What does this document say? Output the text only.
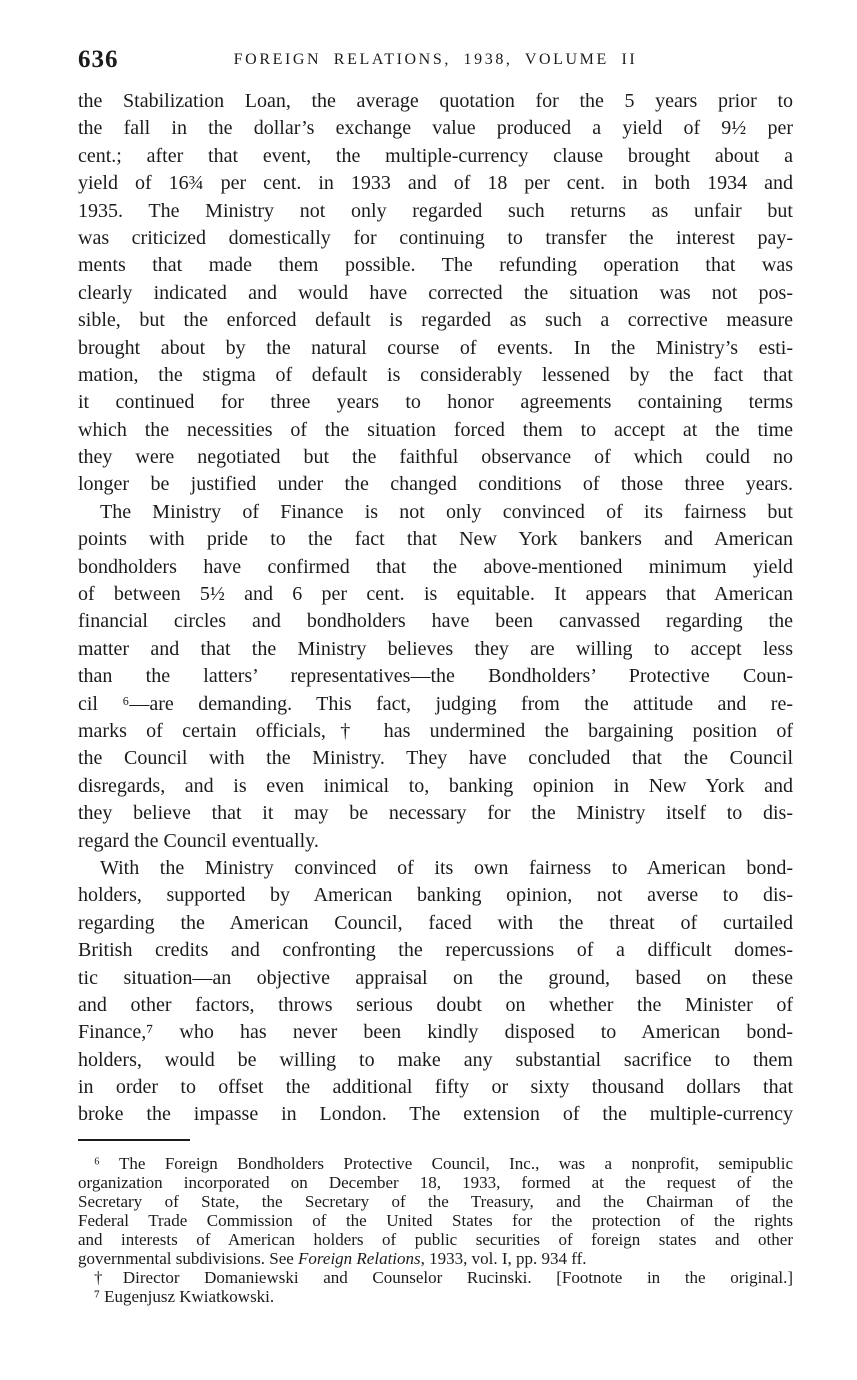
636	FOREIGN RELATIONS, 1938, VOLUME II
the Stabilization Loan, the average quotation for the 5 years prior to
the fall in the dollar’s exchange value produced a yield of 9½ per
cent.; after that event, the multiple-currency clause brought about a
yield of 16¾ per cent. in 1933 and of 18 per cent. in both 1934 and
1935. The Ministry not only regarded such returns as unfair but
was criticized domestically for continuing to transfer the interest pay-
ments that made them possible. The refunding operation that was
clearly indicated and would have corrected the situation was not pos-
sible, but the enforced default is regarded as such a corrective measure
brought about by the natural course of events. In the Ministry’s esti-
mation, the stigma of default is considerably lessened by the fact that
it continued for three years to honor agreements containing terms
which the necessities of the situation forced them to accept at the time
they were negotiated but the faithful observance of which could no
longer be justified under the changed conditions of those three years.
The Ministry of Finance is not only convinced of its fairness but
points with pride to the fact that New York bankers and American
bondholders have confirmed that the above-mentioned minimum yield
of between 5½ and 6 per cent. is equitable. It appears that American
financial circles and bondholders have been canvassed regarding the
matter and that the Ministry believes they are willing to accept less
than the latters’ representatives—the Bondholders’ Protective Coun-
cil ⁶—are demanding. This fact, judging from the attitude and re-
marks of certain officials,† has undermined the bargaining position of
the Council with the Ministry. They have concluded that the Council
disregards, and is even inimical to, banking opinion in New York and
they believe that it may be necessary for the Ministry itself to dis-
regard the Council eventually.
With the Ministry convinced of its own fairness to American bond-
holders, supported by American banking opinion, not averse to dis-
regarding the American Council, faced with the threat of curtailed
British credits and confronting the repercussions of a difficult domes-
tic situation—an objective appraisal on the ground, based on these
and other factors, throws serious doubt on whether the Minister of
Finance,⁷ who has never been kindly disposed to American bond-
holders, would be willing to make any substantial sacrifice to them
in order to offset the additional fifty or sixty thousand dollars that
broke the impasse in London. The extension of the multiple-currency
⁶ The Foreign Bondholders Protective Council, Inc., was a nonprofit, semipublic
organization incorporated on December 18, 1933, formed at the request of the
Secretary of State, the Secretary of the Treasury, and the Chairman of the
Federal Trade Commission of the United States for the protection of the rights
and interests of American holders of public securities of foreign states and other
governmental subdivisions. See Foreign Relations, 1933, vol. I, pp. 934 ff.
†Director Domaniewski and Counselor Rucinski. [Footnote in the original.]
⁷ Eugenjusz Kwiatkowski.
